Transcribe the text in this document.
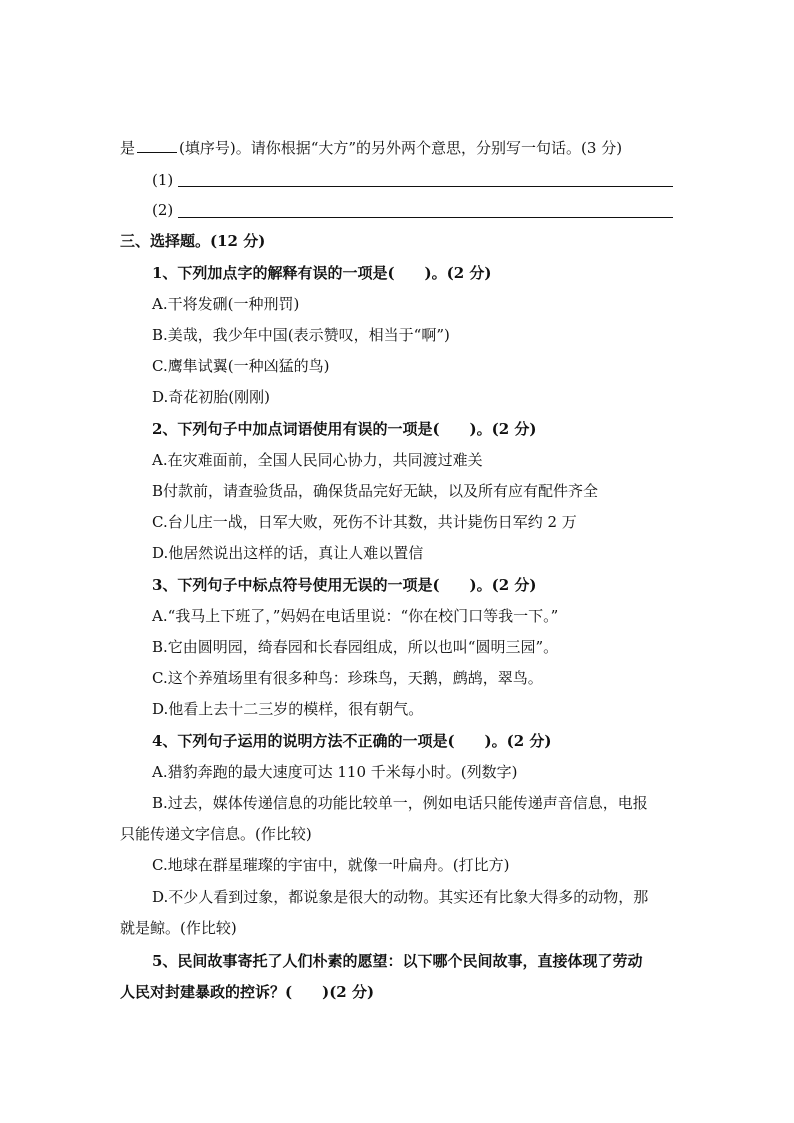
是	(填序号)。请你根据“大方”的另外两个意思，分别写一句话。(3 分)
(1)
(2)
三、选择题。(12 分)
1、下列加点字的解释有误的一项是(　　)。(2 分)
A.干将发硎(一种刑罚)
B.美哉，我少年中国(表示赞叹，相当于“啊”)
C.鹰隼试翼(一种凶猛的鸟)
D.奇花初胎(刚刚)
2、下列句子中加点词语使用有误的一项是(　　)。(2 分)
A.在灾难面前，全国人民同心协力，共同渡过难关
B付款前，请查验货品，确保货品完好无缺，以及所有应有配件齐全
C.台儿庄一战，日军大败，死伤不计其数，共计毙伤日军约 2 万
D.他居然说出这样的话，真让人难以置信
3、下列句子中标点符号使用无误的一项是(　　)。(2 分)
A.“我马上下班了，”妈妈在电话里说：“你在校门口等我一下。”
B.它由圆明园，绮春园和长春园组成，所以也叫“圆明三园”。
C.这个养殖场里有很多种鸟：珍珠鸟，天鹅，鹧鸪，翠鸟。
D.他看上去十二三岁的模样，很有朝气。
4、下列句子运用的说明方法不正确的一项是(　　)。(2 分)
A.猎豹奔跑的最大速度可达 110 千米每小时。(列数字)
B.过去，媒体传递信息的功能比较单一，例如电话只能传递声音信息，电报
只能传递文字信息。(作比较)
C.地球在群星璀璨的宇宙中，就像一叶扁舟。(打比方)
D.不少人看到过象，都说象是很大的动物。其实还有比象大得多的动物，那
就是鲸。(作比较)
5、民间故事寄托了人们朴素的愿望：以下哪个民间故事，直接体现了劳动
人民对封建暴政的控诉？(　　)(2 分)
